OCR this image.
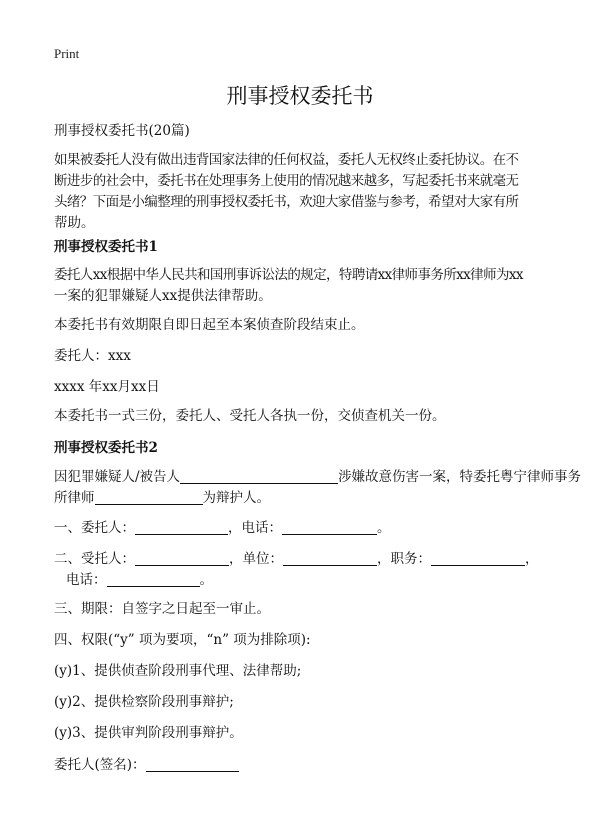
Print
刑事授权委托书
刑事授权委托书(20篇)
如果被委托人没有做出违背国家法律的任何权益，委托人无权终止委托协议。在不
断进步的社会中，委托书在处理事务上使用的情况越来越多，写起委托书来就毫无
头绪？下面是小编整理的刑事授权委托书，欢迎大家借鉴与参考，希望对大家有所
帮助。
刑事授权委托书1
委托人xx根据中华人民共和国刑事诉讼法的规定，特聘请xx律师事务所xx律师为xx
一案的犯罪嫌疑人xx提供法律帮助。
本委托书有效期限自即日起至本案侦查阶段结束止。
委托人：xxx
xxxx 年xx月xx日
本委托书一式三份，委托人、受托人各执一份，交侦查机关一份。
刑事授权委托书2
因犯罪嫌疑人/被告人	涉嫌故意伤害一案，特委托粤宁律师事务
所律师	为辩护人。
一、委托人：	，电话：	。
二、受托人：	，单位：	，职务：	，
电话：	。
三、期限：自签字之日起至一审止。
四、权限(“y” 项为要项，“n” 项为排除项):
(y)1、提供侦查阶段刑事代理、法律帮助;
(y)2、提供检察阶段刑事辩护;
(y)3、提供审判阶段刑事辩护。
委托人(签名)：
